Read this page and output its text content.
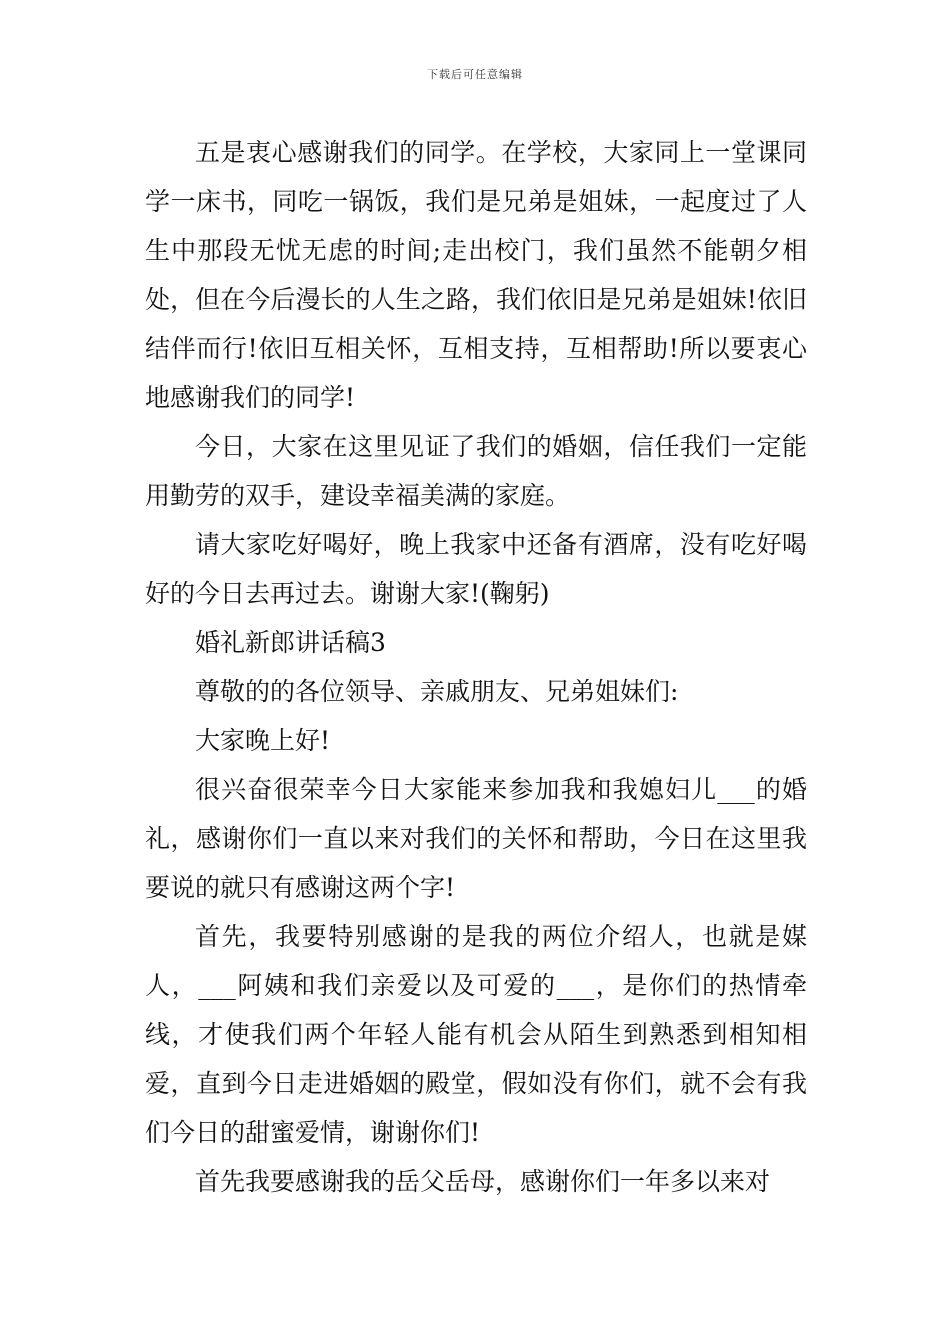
下载后可任意编辑

五是衷心感谢我们的同学。在学校，大家同上一堂课同学一床书，同吃一锅饭，我们是兄弟是姐妹，一起度过了人生中那段无忧无虑的时间;走出校门，我们虽然不能朝夕相处，但在今后漫长的人生之路，我们依旧是兄弟是姐妹!依旧结伴而行!依旧互相关怀，互相支持，互相帮助!所以要衷心地感谢我们的同学!

今日，大家在这里见证了我们的婚姻，信任我们一定能用勤劳的双手，建设幸福美满的家庭。

请大家吃好喝好，晚上我家中还备有酒席，没有吃好喝好的今日去再过去。谢谢大家!(鞠躬)

婚礼新郎讲话稿3

尊敬的的各位领导、亲戚朋友、兄弟姐妹们:

大家晚上好!

很兴奋很荣幸今日大家能来参加我和我媳妇儿___的婚礼，感谢你们一直以来对我们的关怀和帮助，今日在这里我要说的就只有感谢这两个字!

首先，我要特别感谢的是我的两位介绍人，也就是媒人，___阿姨和我们亲爱以及可爱的___，是你们的热情牵线，才使我们两个年轻人能有机会从陌生到熟悉到相知相爱，直到今日走进婚姻的殿堂，假如没有你们，就不会有我们今日的甜蜜爱情，谢谢你们!

首先我要感谢我的岳父岳母，感谢你们一年多以来对
